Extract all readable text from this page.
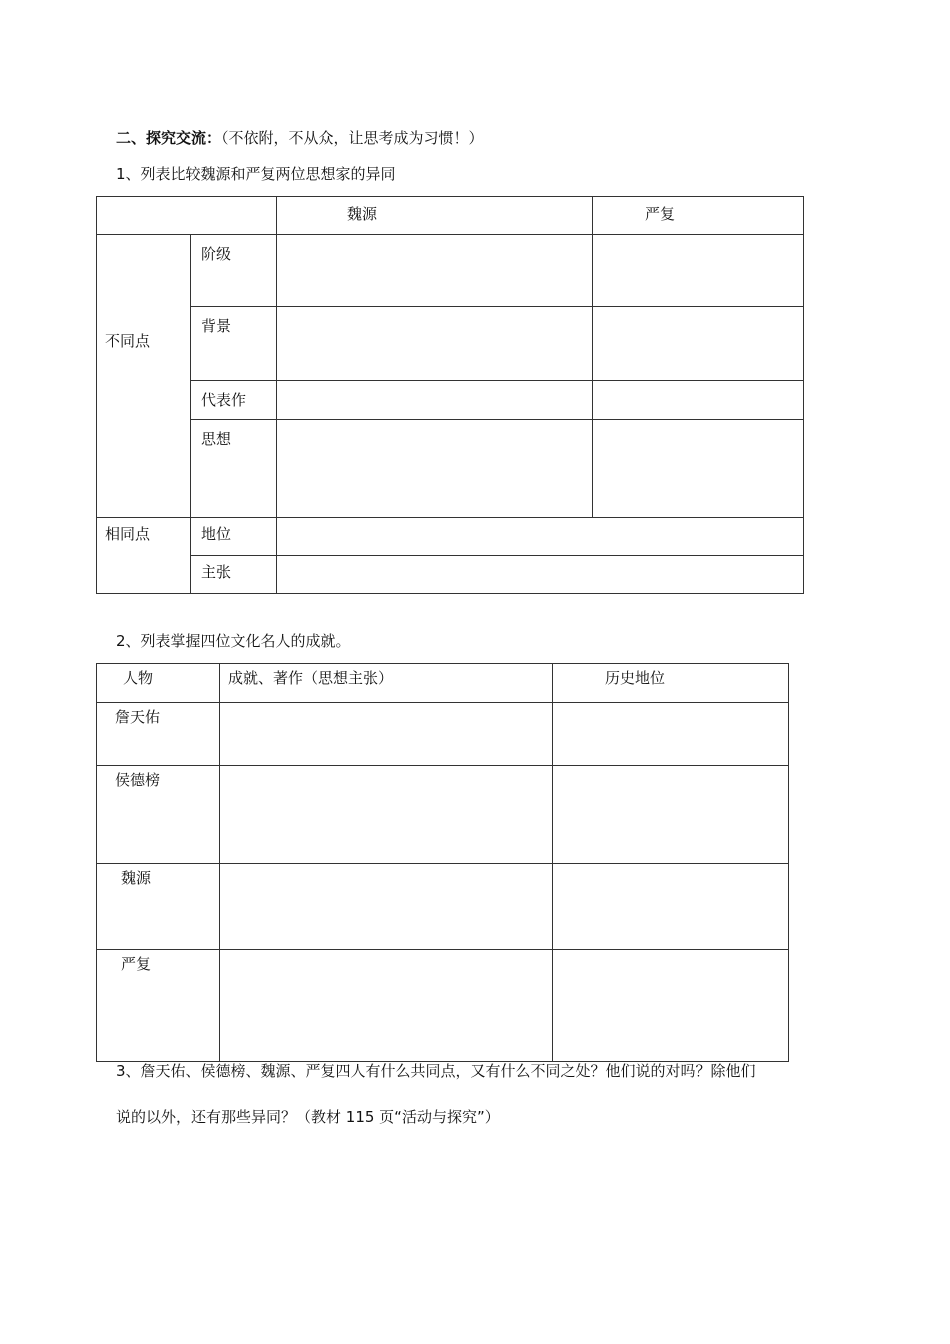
二、探究交流：（不依附，不从众，让思考成为习惯！）
1、列表比较魏源和严复两位思想家的异同

		魏源	严复

不同点	阶级		
	背景		
	代表作		
	思想		

相同点	地位		
	主张		
2、列表掌握四位文化名人的成就。
人物	成就、著作（思想主张）	历史地位

詹天佑		

侯德榜		

魏源		

严复		

3、詹天佑、侯德榜、魏源、严复四人有什么共同点，又有什么不同之处？他们说的对吗？除他们
说的以外，还有那些异同？（教材 115 页“活动与探究”）
